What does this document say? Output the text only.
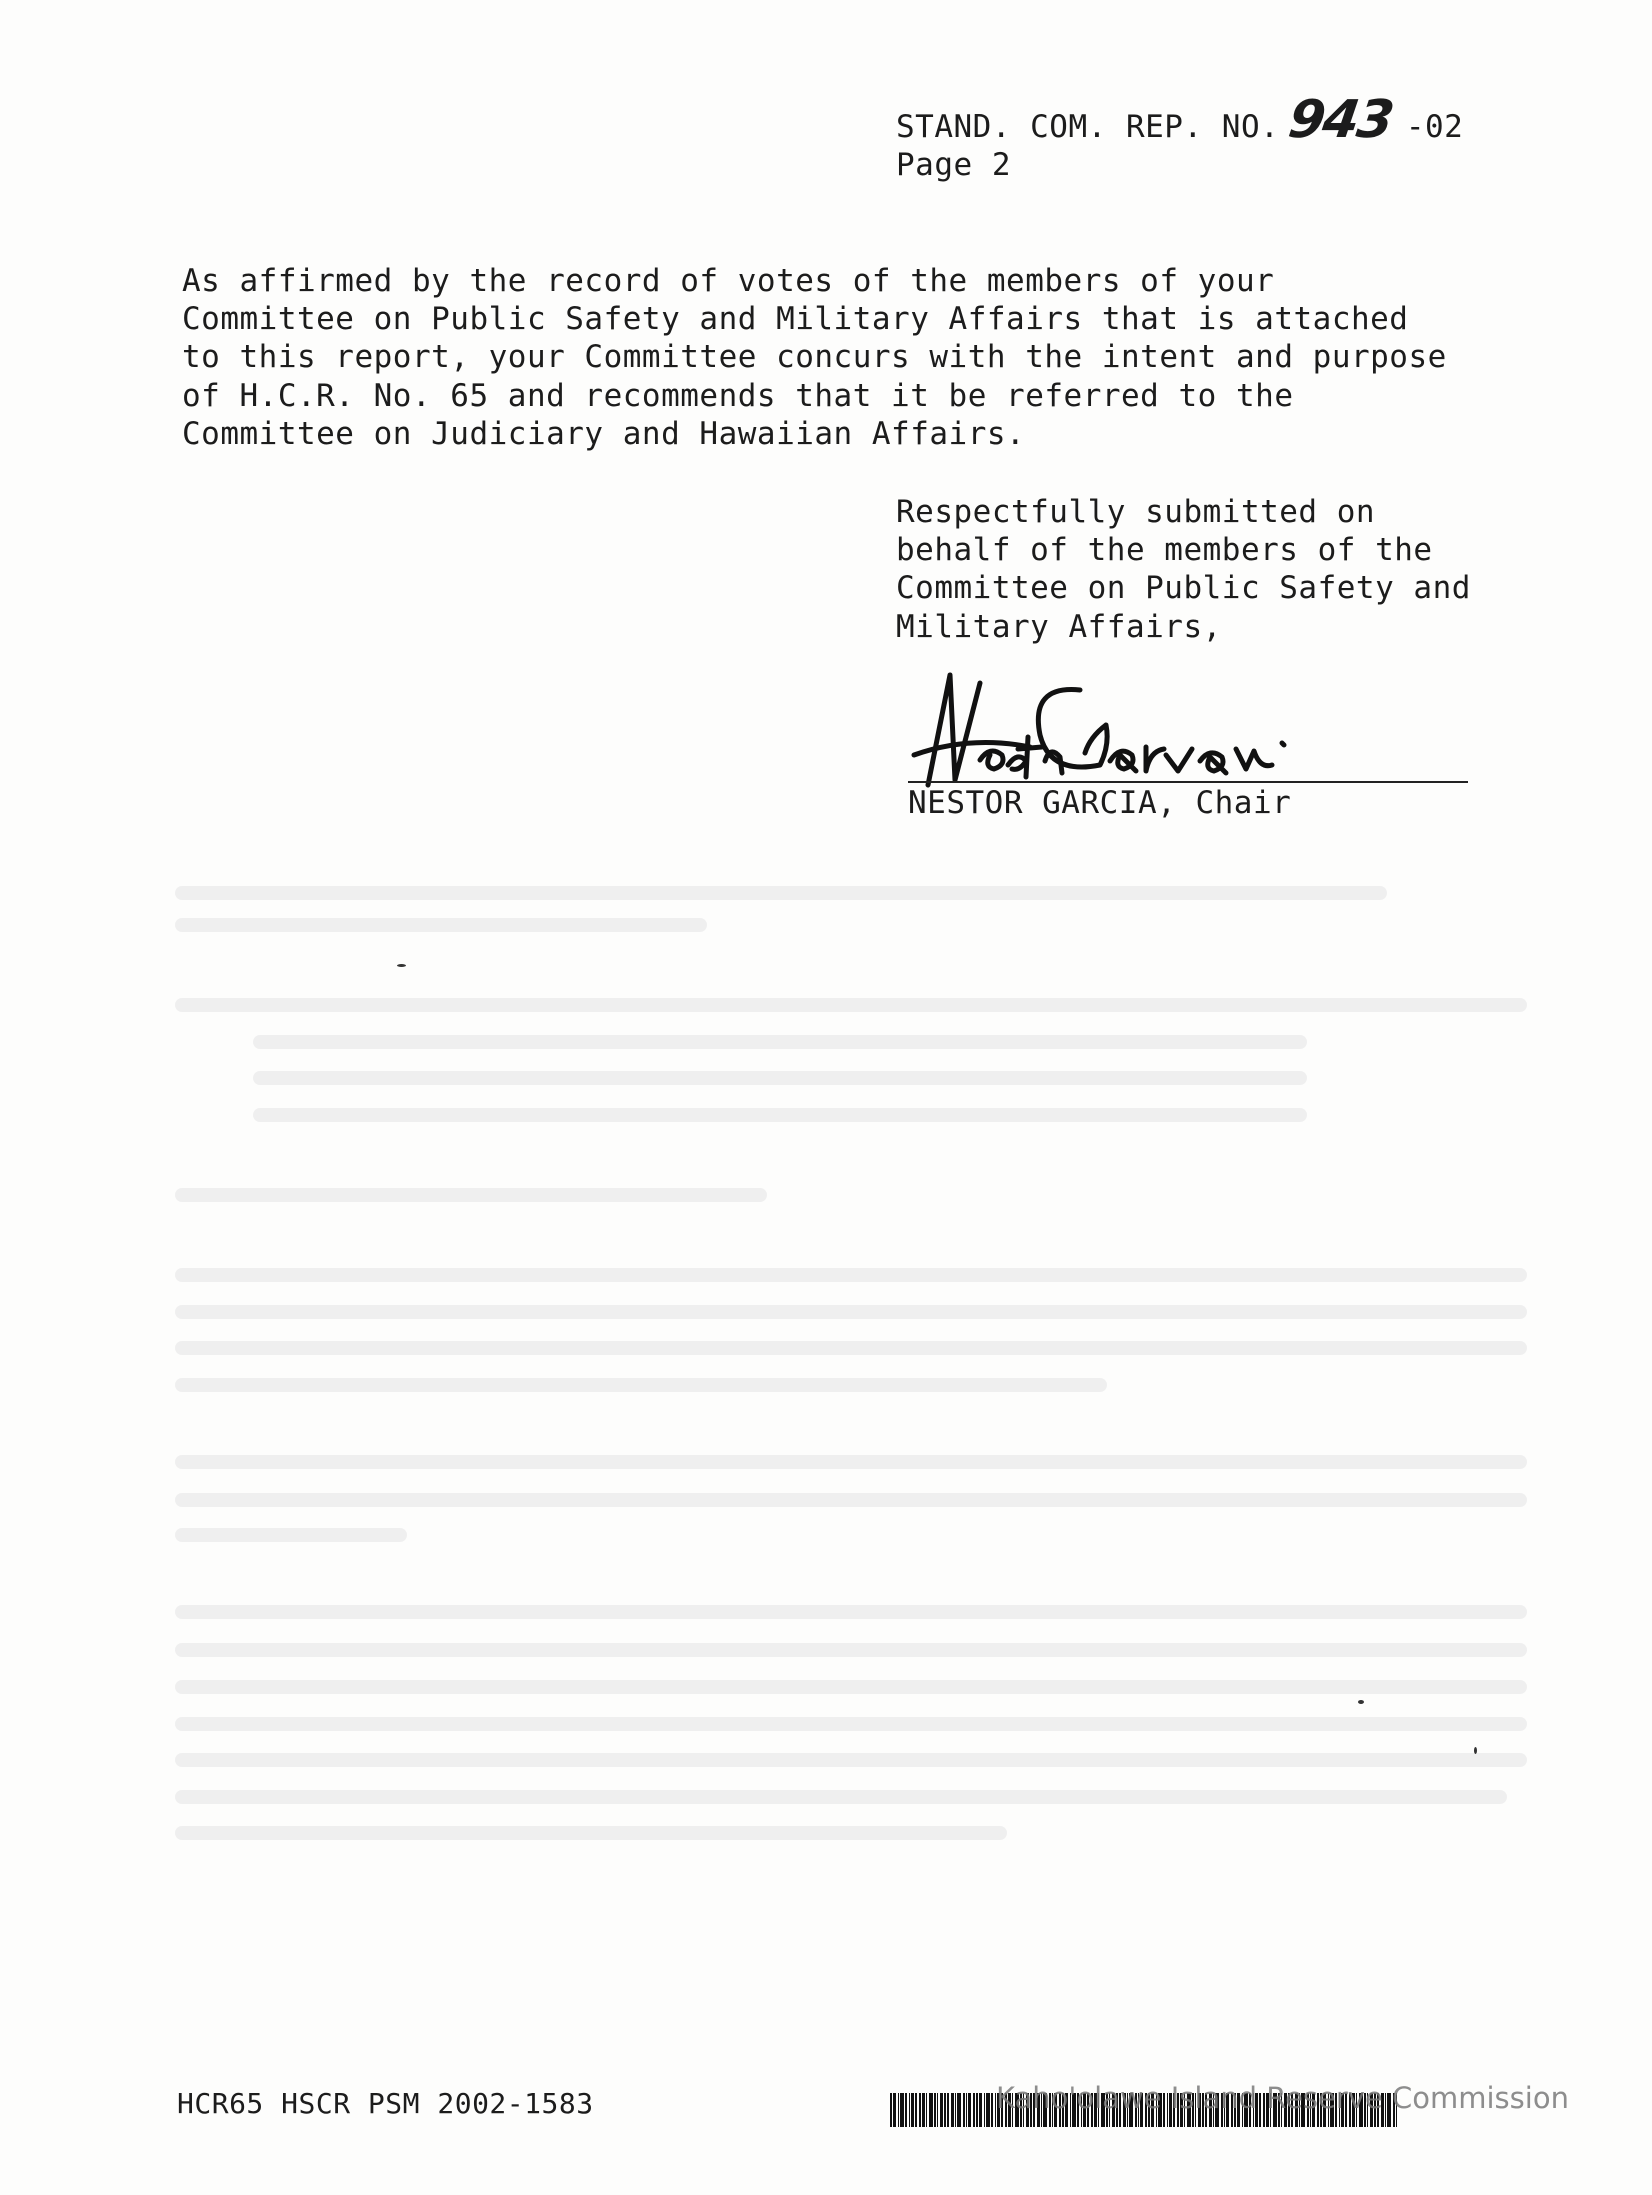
STAND. COM. REP. NO. 943 -02
Page 2

As affirmed by the record of votes of the members of your
Committee on Public Safety and Military Affairs that is attached
to this report, your Committee concurs with the intent and purpose
of H.C.R. No. 65 and recommends that it be referred to the
Committee on Judiciary and Hawaiian Affairs.

Respectfully submitted on
behalf of the members of the
Committee on Public Safety and
Military Affairs,

NESTOR GARCIA, Chair
HCR65 HSCR PSM 2002-1583	Kaho'olawe Island Reserve Commission
